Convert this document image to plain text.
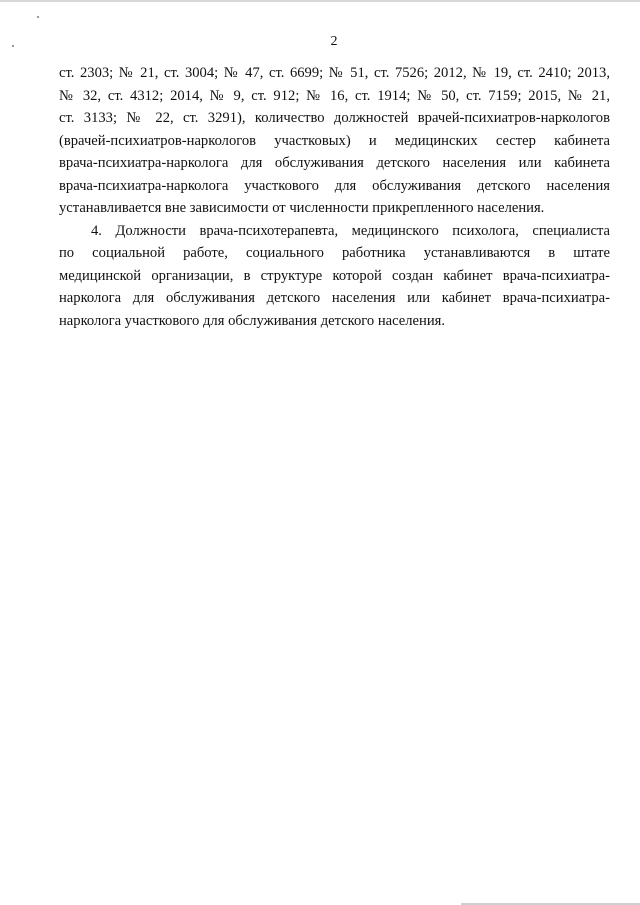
2

ст. 2303; № 21, ст. 3004; № 47, ст. 6699; № 51, ст. 7526; 2012, № 19, ст. 2410; 2013,
№ 32, ст. 4312; 2014, № 9, ст. 912; № 16, ст. 1914; № 50, ст. 7159; 2015, № 21,
ст. 3133; № 22, ст. 3291), количество должностей врачей-психиатров-наркологов
(врачей-психиатров-наркологов участковых) и медицинских сестер кабинета
врача-психиатра-нарколога для обслуживания детского населения или кабинета
врача-психиатра-нарколога участкового для обслуживания детского населения
устанавливается вне зависимости от численности прикрепленного населения.

4. Должности врача-психотерапевта, медицинского психолога, специалиста
по социальной работе, социального работника устанавливаются в штате
медицинской организации, в структуре которой создан кабинет врача-психиатра-
нарколога для обслуживания детского населения или кабинет врача-психиатра-
нарколога участкового для обслуживания детского населения.
